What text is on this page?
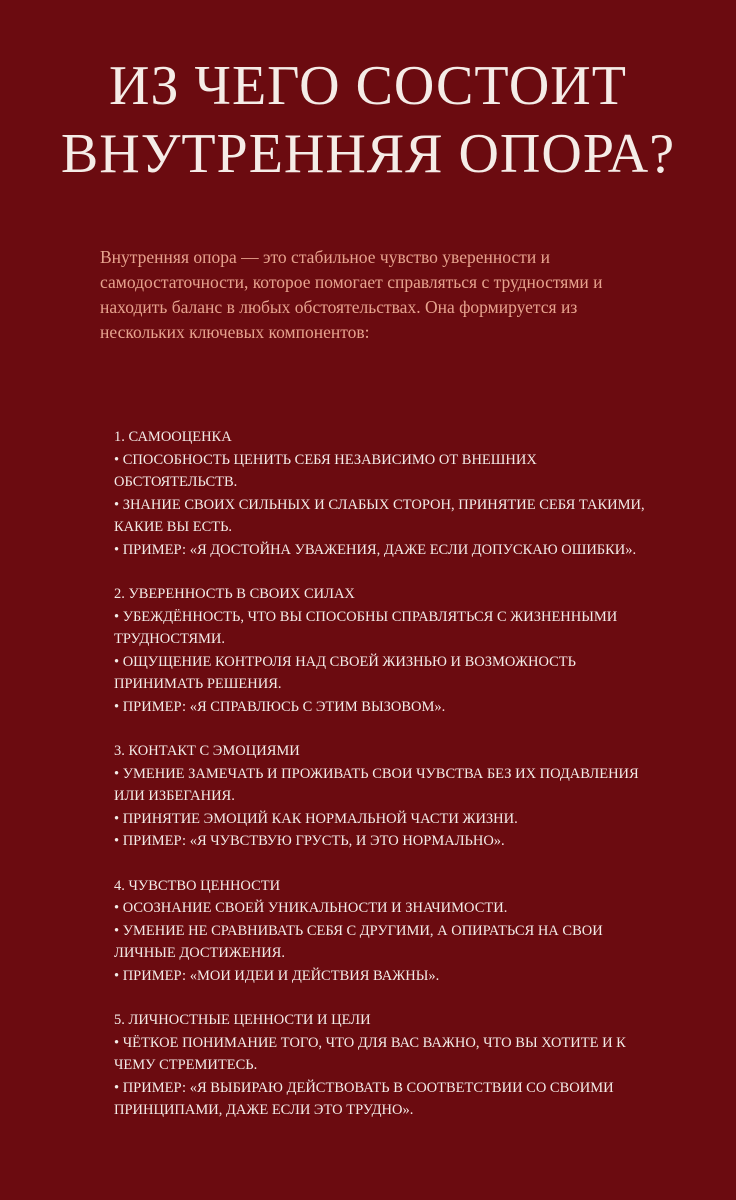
ИЗ ЧЕГО СОСТОИТ
ВНУТРЕННЯЯ ОПОРА?

Внутренняя опора — это стабильное чувство уверенности и самодостаточности, которое помогает справляться с трудностями и находить баланс в любых обстоятельствах. Она формируется из нескольких ключевых компонентов:

1. САМООЦЕНКА

• СПОСОБНОСТЬ ЦЕНИТЬ СЕБЯ НЕЗАВИСИМО ОТ ВНЕШНИХ ОБСТОЯТЕЛЬСТВ.

• ЗНАНИЕ СВОИХ СИЛЬНЫХ И СЛАБЫХ СТОРОН, ПРИНЯТИЕ СЕБЯ ТАКИМИ, КАКИЕ ВЫ ЕСТЬ.

• ПРИМЕР: «Я ДОСТОЙНА УВАЖЕНИЯ, ДАЖЕ ЕСЛИ ДОПУСКАЮ ОШИБКИ».

2. УВЕРЕННОСТЬ В СВОИХ СИЛАХ

• УБЕЖДЁННОСТЬ, ЧТО ВЫ СПОСОБНЫ СПРАВЛЯТЬСЯ С ЖИЗНЕННЫМИ ТРУДНОСТЯМИ.

• ОЩУЩЕНИЕ КОНТРОЛЯ НАД СВОЕЙ ЖИЗНЬЮ И ВОЗМОЖНОСТЬ ПРИНИМАТЬ РЕШЕНИЯ.

• ПРИМЕР: «Я СПРАВЛЮСЬ С ЭТИМ ВЫЗОВОМ».

3. КОНТАКТ С ЭМОЦИЯМИ

• УМЕНИЕ ЗАМЕЧАТЬ И ПРОЖИВАТЬ СВОИ ЧУВСТВА БЕЗ ИХ ПОДАВЛЕНИЯ ИЛИ ИЗБЕГАНИЯ.

• ПРИНЯТИЕ ЭМОЦИЙ КАК НОРМАЛЬНОЙ ЧАСТИ ЖИЗНИ.

• ПРИМЕР: «Я ЧУВСТВУЮ ГРУСТЬ, И ЭТО НОРМАЛЬНО».

4. ЧУВСТВО ЦЕННОСТИ

• ОСОЗНАНИЕ СВОЕЙ УНИКАЛЬНОСТИ И ЗНАЧИМОСТИ.

• УМЕНИЕ НЕ СРАВНИВАТЬ СЕБЯ С ДРУГИМИ, А ОПИРАТЬСЯ НА СВОИ ЛИЧНЫЕ ДОСТИЖЕНИЯ.

• ПРИМЕР: «МОИ ИДЕИ И ДЕЙСТВИЯ ВАЖНЫ».

5. ЛИЧНОСТНЫЕ ЦЕННОСТИ И ЦЕЛИ

• ЧЁТКОЕ ПОНИМАНИЕ ТОГО, ЧТО ДЛЯ ВАС ВАЖНО, ЧТО ВЫ ХОТИТЕ И К ЧЕМУ СТРЕМИТЕСЬ.

• ПРИМЕР: «Я ВЫБИРАЮ ДЕЙСТВОВАТЬ В СООТВЕТСТВИИ СО СВОИМИ ПРИНЦИПАМИ, ДАЖЕ ЕСЛИ ЭТО ТРУДНО».
